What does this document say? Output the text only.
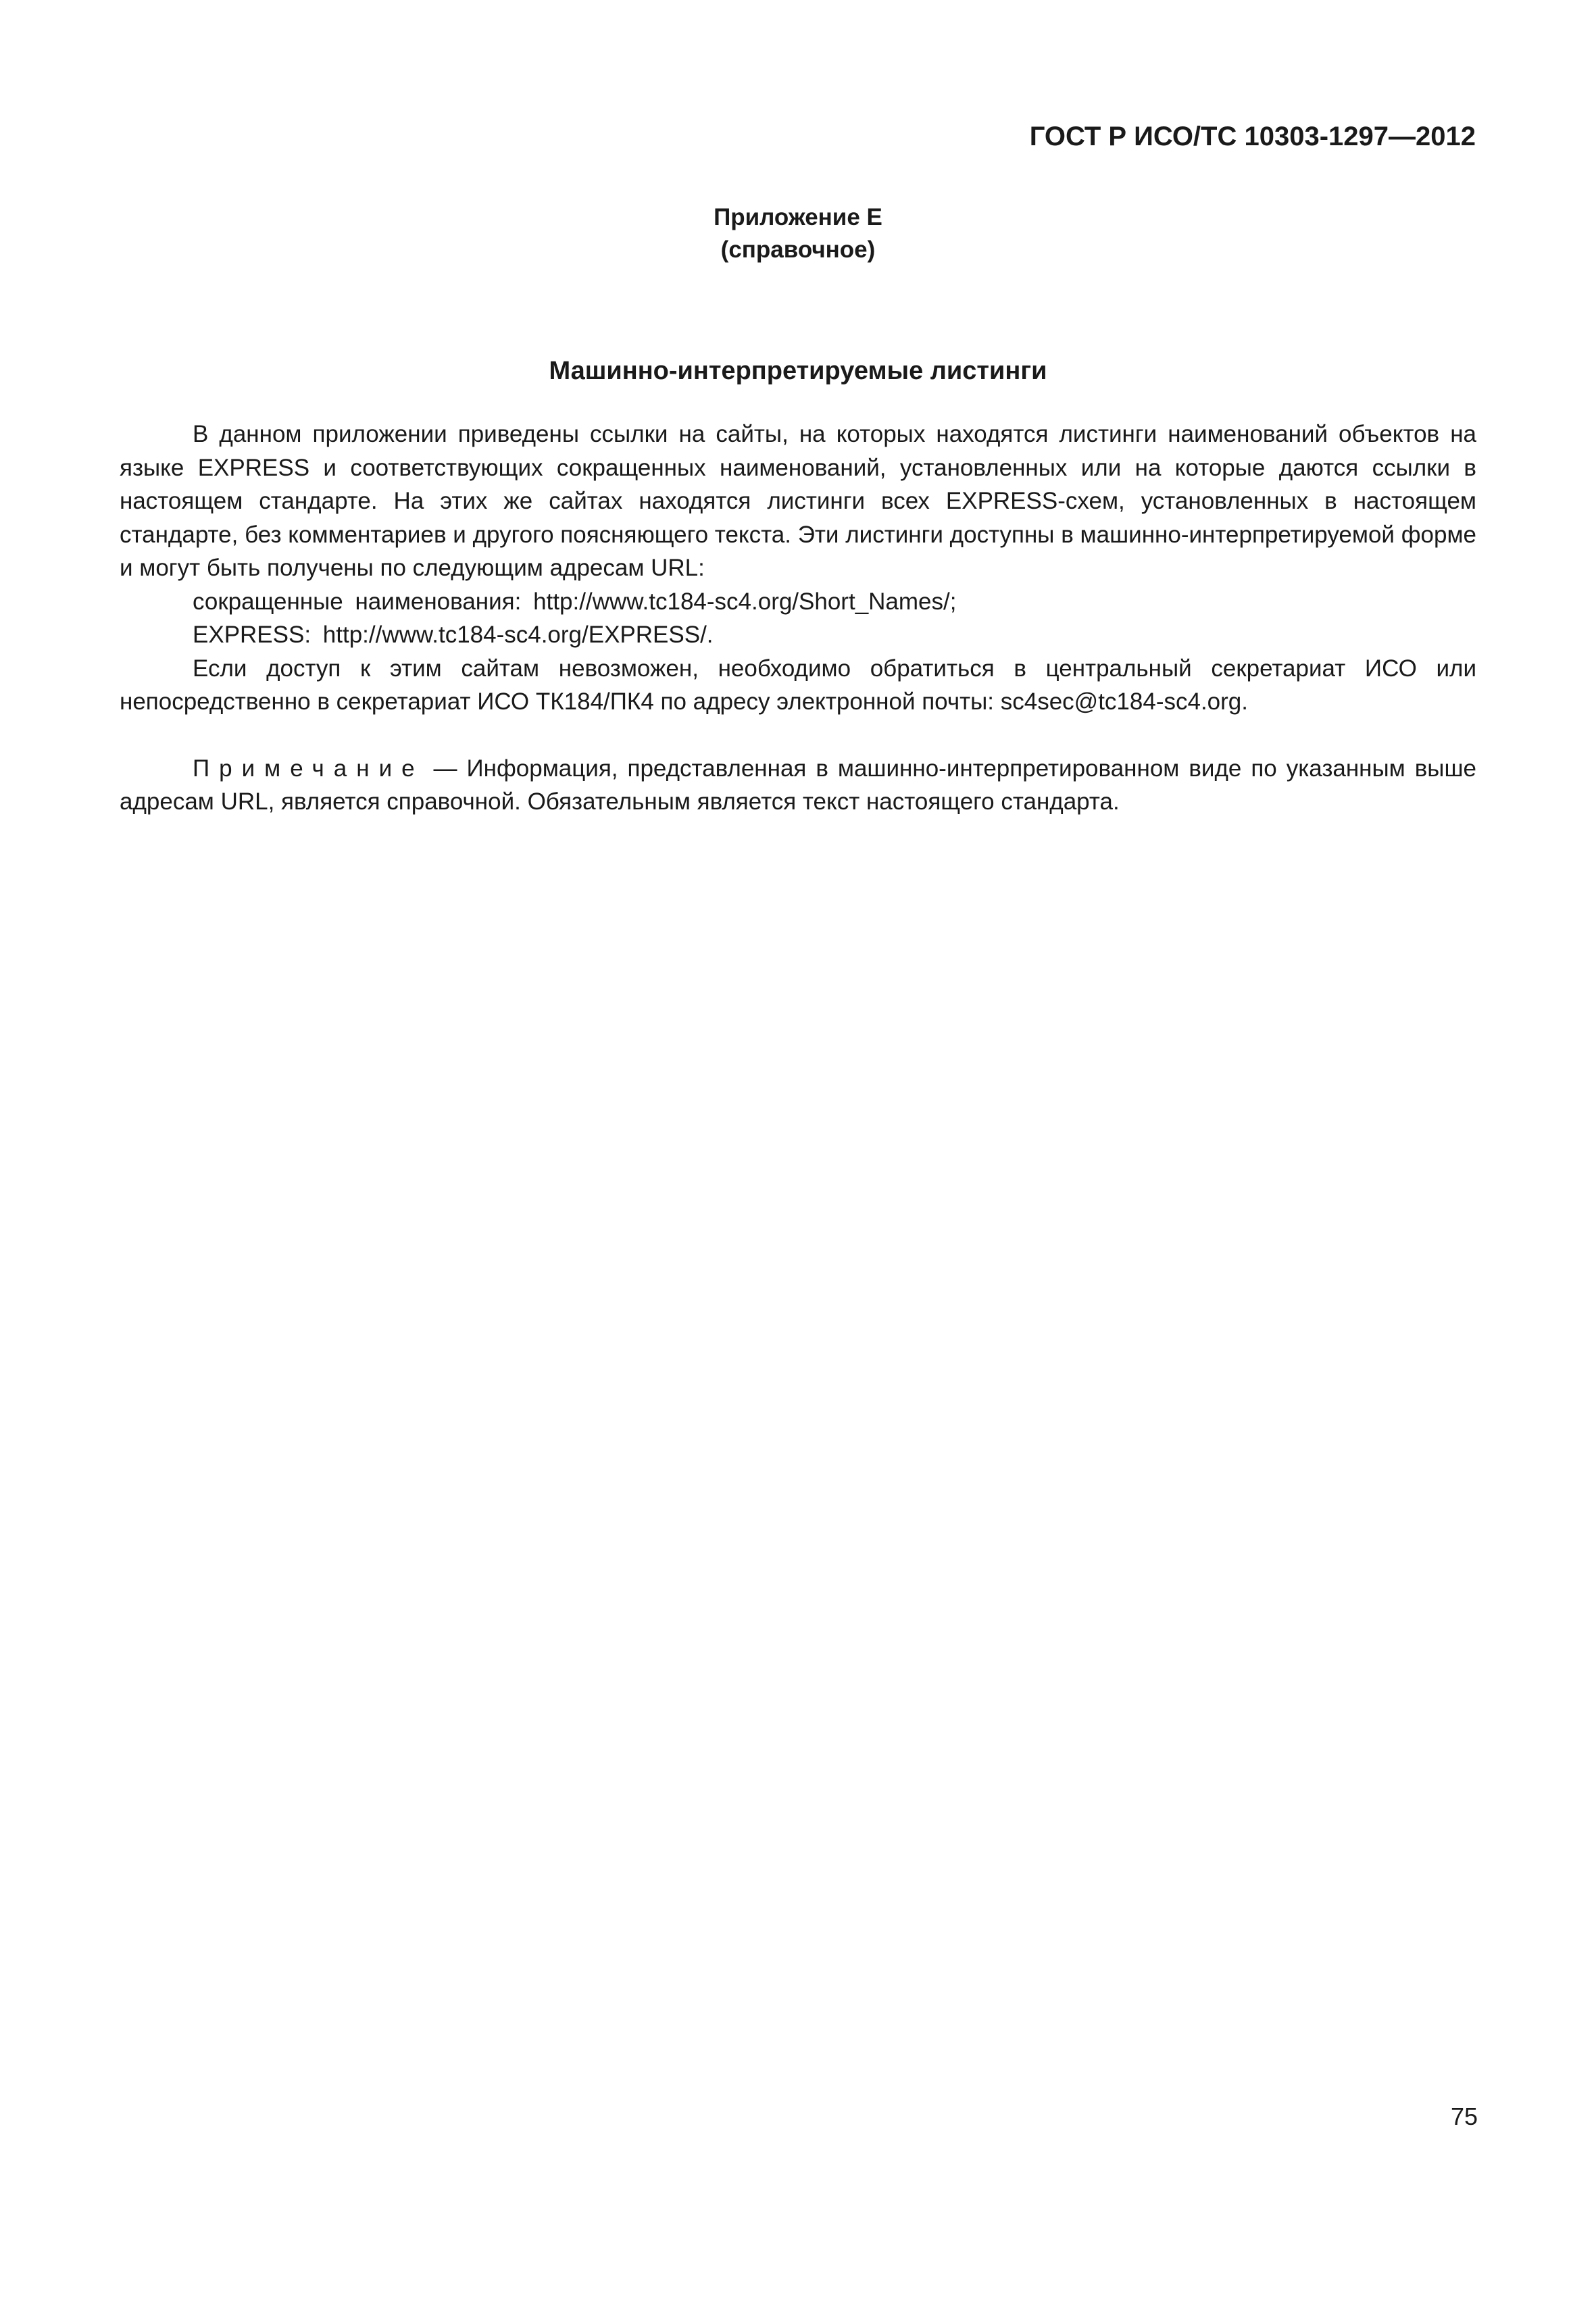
ГОСТ Р ИСО/ТС 10303-1297—2012
Приложение Е
(справочное)
Машинно-интерпретируемые листинги

В данном приложении приведены ссылки на сайты, на которых находятся листинги наименований объектов на языке EXPRESS и соответствующих сокращенных наименований, установленных или на которые даются ссылки в настоящем стандарте. На этих же сайтах находятся листинги всех EXPRESS-схем, установленных в настоящем стандарте, без комментариев и другого поясняющего текста. Эти листинги доступны в машинно-интерпретируемой форме и могут быть получены по следующим адресам URL:

сокращенные наименования: http://www.tc184-sc4.org/Short_Names/;

EXPRESS: http://www.tc184-sc4.org/EXPRESS/.

Если доступ к этим сайтам невозможен, необходимо обратиться в центральный секретариат ИСО или непосредственно в секретариат ИСО ТК184/ПК4 по адресу электронной почты: sc4sec@tc184-sc4.org.

Примечание — Информация, представленная в машинно-интерпретированном виде по указанным выше адресам URL, является справочной. Обязательным является текст настоящего стандарта.

75
